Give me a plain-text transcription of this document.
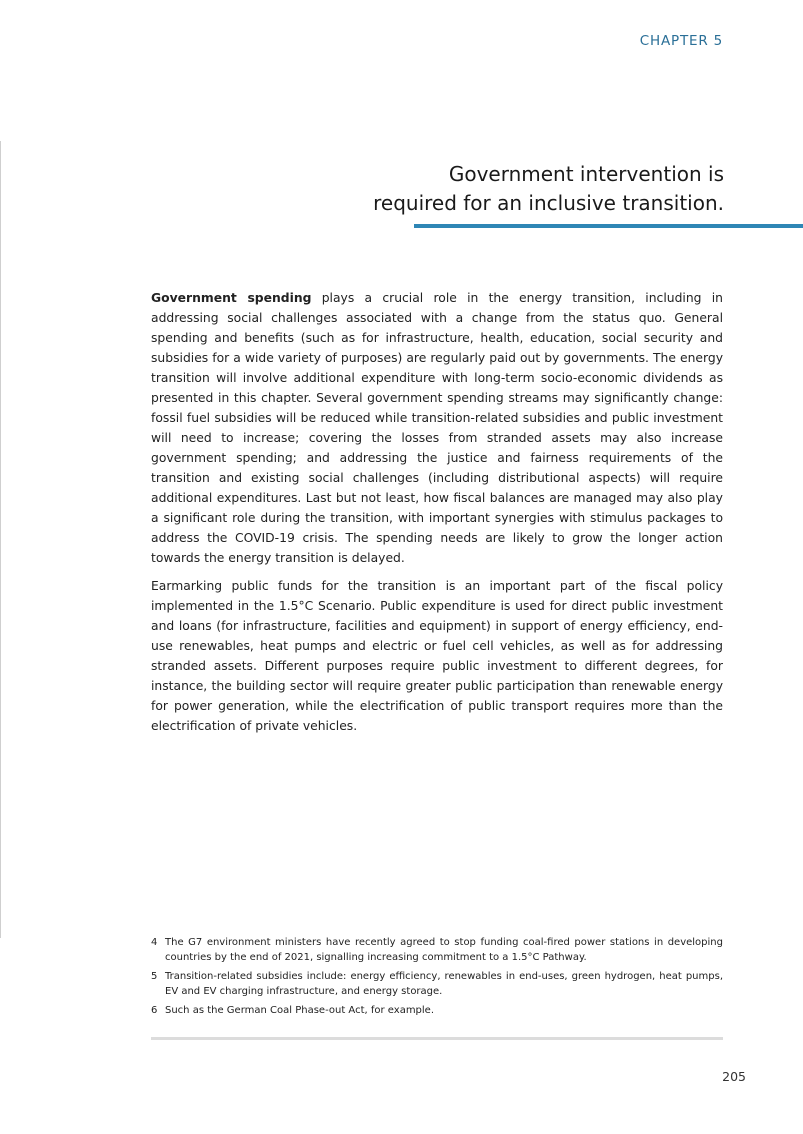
CHAPTER 5
Government intervention is
required for an inclusive transition.

Government spending plays a crucial role in the energy transition, including in addressing social challenges associated with a change from the status quo. General spending and benefits (such as for infrastructure, health, education, social security and subsidies for a wide variety of purposes) are regularly paid out by governments. The energy transition will involve additional expenditure with long-term socio-economic dividends as presented in this chapter. Several government spending streams may significantly change: fossil fuel subsidies will be reduced while transition-related subsidies and public investment will need to increase; covering the losses from stranded assets may also increase government spending; and addressing the justice and fairness requirements of the transition and existing social challenges (including distributional aspects) will require additional expenditures. Last but not least, how fiscal balances are managed may also play a significant role during the transition, with important synergies with stimulus packages to address the COVID-19 crisis. The spending needs are likely to grow the longer action towards the energy transition is delayed.

Earmarking public funds for the transition is an important part of the fiscal policy implemented in the 1.5°C Scenario. Public expenditure is used for direct public investment and loans (for infrastructure, facilities and equipment) in support of energy efficiency, end-use renewables, heat pumps and electric or fuel cell vehicles, as well as for addressing stranded assets. Different purposes require public investment to different degrees, for instance, the building sector will require greater public participation than renewable energy for power generation, while the electrification of public transport requires more than the electrification of private vehicles.

4 The G7 environment ministers have recently agreed to stop funding coal-fired power stations in developing countries by the end of 2021, signalling increasing commitment to a 1.5°C Pathway.
5 Transition-related subsidies include: energy efficiency, renewables in end-uses, green hydrogen, heat pumps, EV and EV charging infrastructure, and energy storage.
6 Such as the German Coal Phase-out Act, for example.
205
